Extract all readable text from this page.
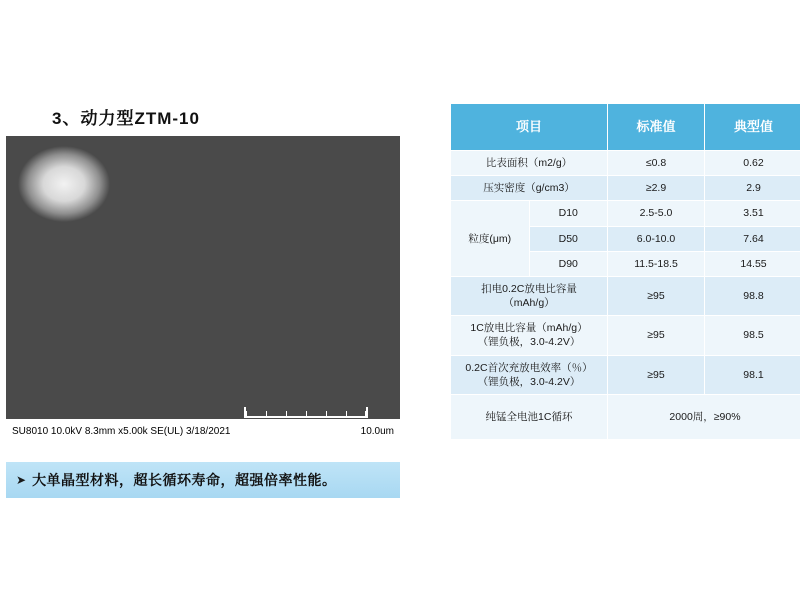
3、动力型ZTM-10
SU8010 10.0kV 8.3mm x5.00k SE(UL) 3/18/2021	10.0um
➤ 大单晶型材料，超长循环寿命，超强倍率性能。
项目		标准值	典型值
比表面积（m2/g）		≤0.8	0.62
压实密度（g/cm3）		≥2.9	2.9
粒度(μm)	D10	2.5-5.0	3.51
	D50	6.0-10.0	7.64
	D90	11.5-18.5	14.55

扣电0.2C放电比容量
（mAh/g）		≥95	98.8

1C放电比容量（mAh/g）
（锂负极，3.0-4.2V）		≥95	98.5

0.2C首次充放电效率（％）
（锂负极，3.0-4.2V）		≥95	98.1
纯锰全电池1C循环		2000周，≥90%	
